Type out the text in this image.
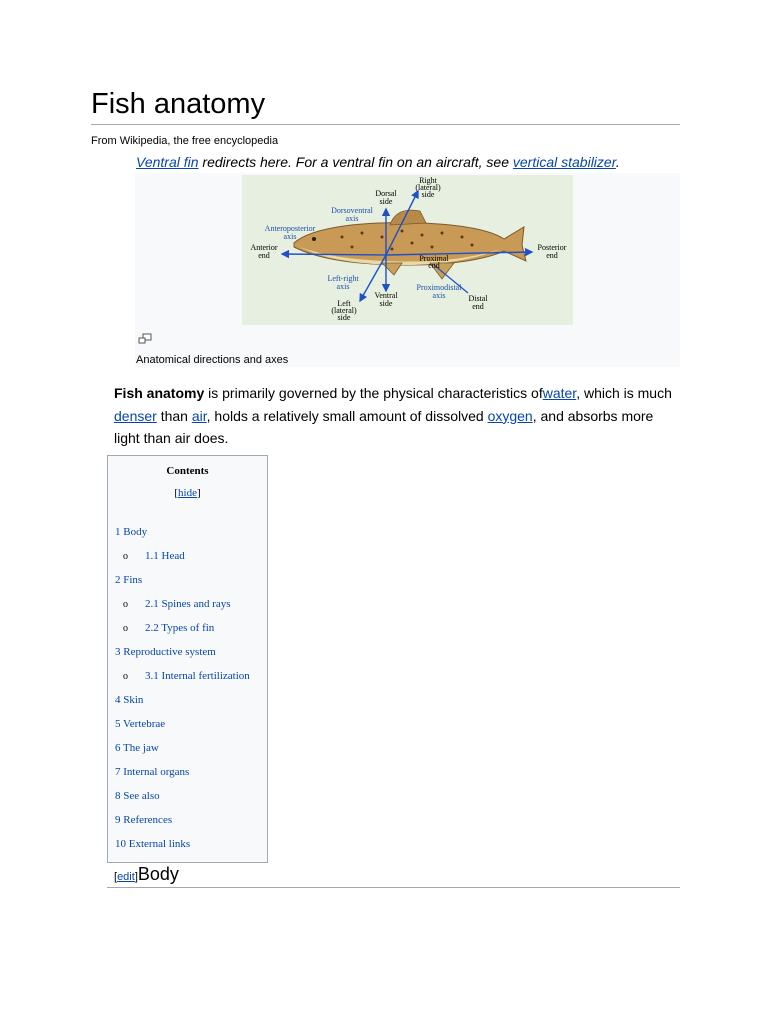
Fish anatomy
From Wikipedia, the free encyclopedia
Ventral fin redirects here. For a ventral fin on an aircraft, see vertical stabilizer.
Dorsal side
Right (lateral) side
Dorsoventral axis
Anteroposterior axis
Anterior end
Posterior end
Proximal end
Left-right axis	Proximodistal axis
Ventral side
Distal end
Left (lateral) side
Anatomical directions and axes

Fish anatomy is primarily governed by the physical characteristics ofwater, which is much denser than air, holds a relatively small amount of dissolved oxygen, and absorbs more light than air does.

Contents
[hide]
1 Body
o 1.1 Head
2 Fins
o 2.1 Spines and rays
o 2.2 Types of fin
3 Reproductive system
o 3.1 Internal fertilization
4 Skin
5 Vertebrae
6 The jaw
7 Internal organs
8 See also
9 References
10 External links
[edit]Body
